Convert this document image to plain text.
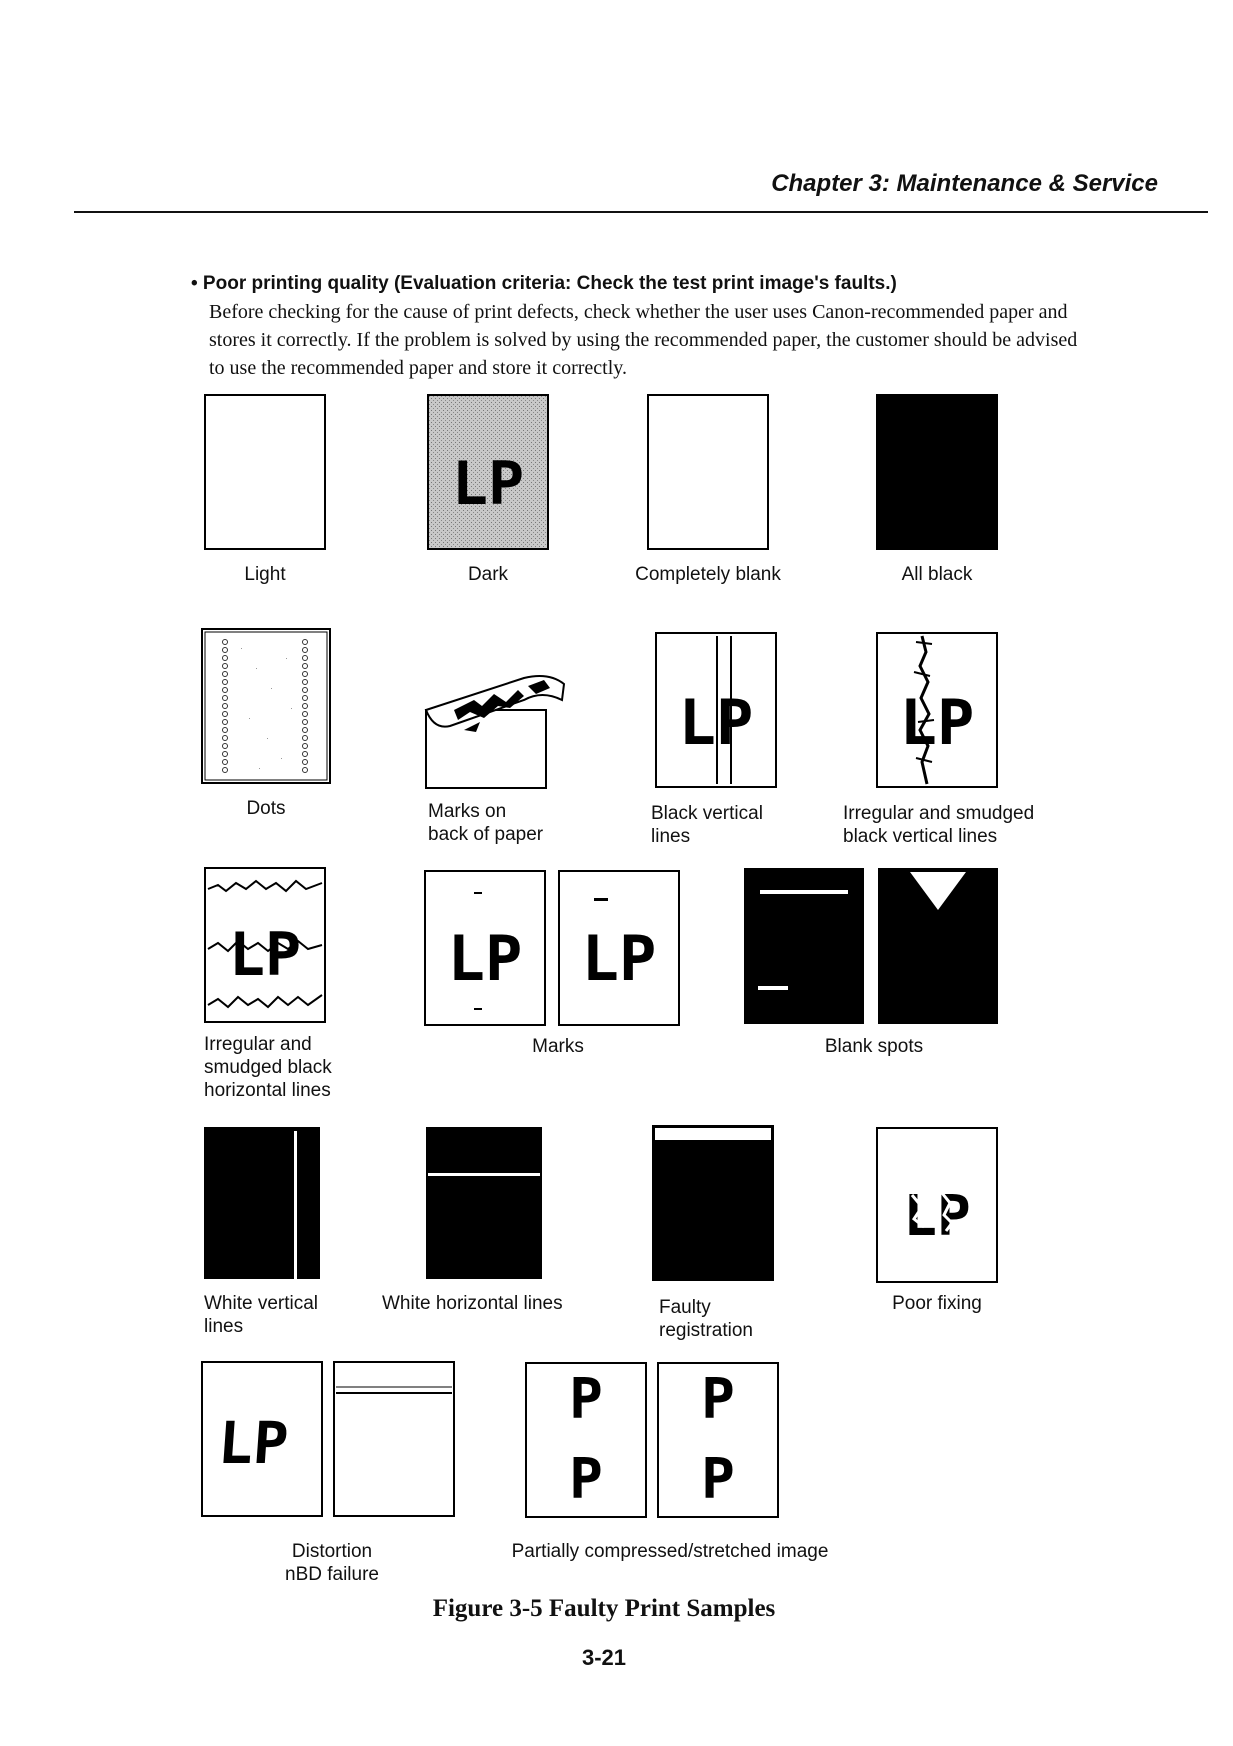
Chapter 3: Maintenance & Service
• Poor printing quality (Evaluation criteria: Check the test print image's faults.)

Before checking for the cause of print defects, check whether the user uses Canon-recommended paper and stores it correctly. If the problem is solved by using the recommended paper, the customer should be advised to use the recommended paper and store it correctly.

Light
LP
Dark	Completely blank	All black
Dots	Marks on
back of paper
LP
Black vertical
lines
LP
Irregular and smudged
black vertical lines
LP
Irregular and
smudged black
horizontal lines
LP LP
Marks	Blank spots
White vertical
lines
White horizontal lines	Faulty
registration
LP
Poor fixing
LP
Distortion
nBD failure
P
P
P
P
Partially compressed/stretched image
Figure 3-5 Faulty Print Samples
3-21
